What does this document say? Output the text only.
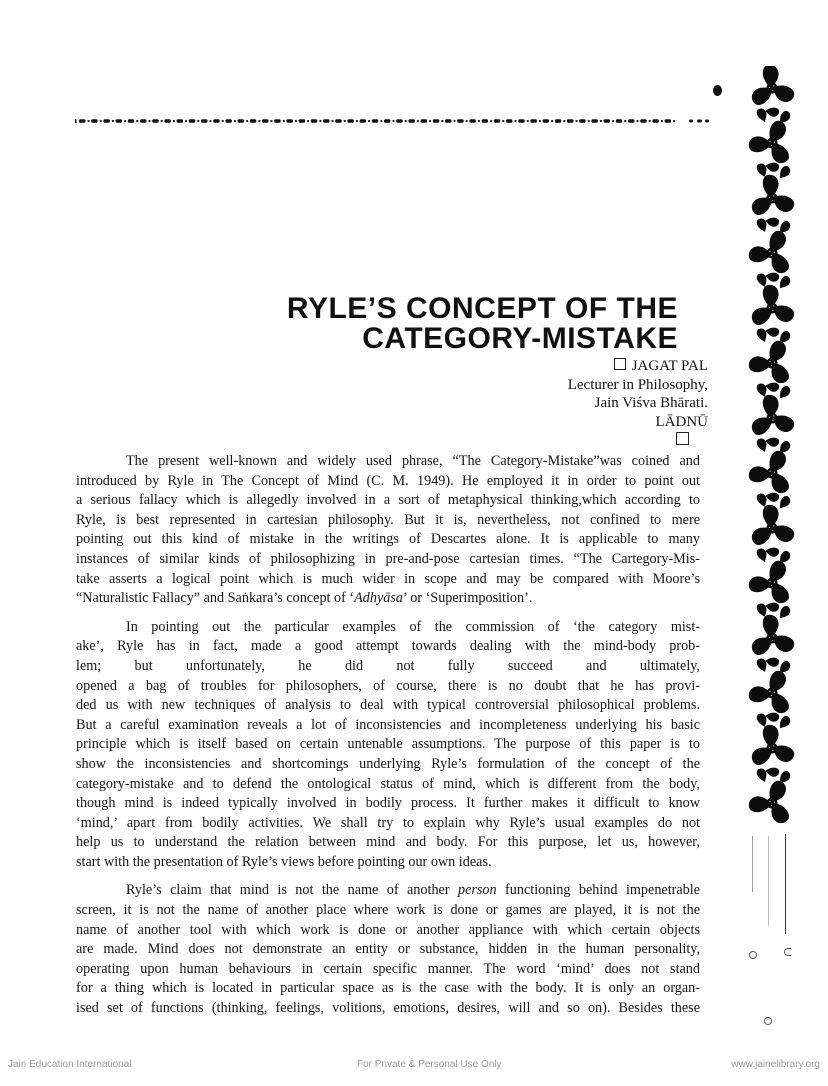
RYLE’S CONCEPT OF THE
CATEGORY-MISTAKE
JAGAT PAL
Lecturer in Philosophy,
Jain Viśva Bhārati.
LĀDNŪ

The present well-known and widely used phrase, “The Category-Mistake”was coined and
introduced by Ryle in The Concept of Mind (C. M. 1949). He employed it in order to point out
a serious fallacy which is allegedly involved in a sort of metaphysical thinking,which according to
Ryle, is best represented in cartesian philosophy. But it is, nevertheless, not confined to mere
pointing out this kind of mistake in the writings of Descartes alone. It is applicable to many
instances of similar kinds of philosophizing in pre-and-pose cartesian times. “The Cartegory-Mis-
take asserts a logical point which is much wider in scope and may be compared with Moore’s
“Naturalistic Fallacy” and Saṅkara’s concept of ‘Adhyāsa’ or ‘Superimposition’.

In pointing out the particular examples of the commission of ‘the category mist-
ake’, Ryle has in fact, made a good attempt towards dealing with the mind-body prob-
lem; but unfortunately, he did not fully succeed and ultimately,
opened a bag of troubles for philosophers, of course, there is no doubt that he has provi-
ded us with new techniques of analysis to deal with typical controversial philosophical problems.
But a careful examination reveals a lot of inconsistencies and incompleteness underlying his basic
principle which is itself based on certain untenable assumptions. The purpose of this paper is to
show the inconsistencies and shortcomings underlying Ryle’s formulation of the concept of the
category-mistake and to defend the ontological status of mind, which is different from the body,
though mind is indeed typically involved in bodily process. It further makes it difficult to know
‘mind,’ apart from bodily activities. We shall try to explain why Ryle’s usual examples do not
help us to understand the relation between mind and body. For this purpose, let us, however,
start with the presentation of Ryle’s views before pointing our own ideas.

Ryle’s claim that mind is not the name of another person functioning behind impenetrable
screen, it is not the name of another place where work is done or games are played, it is not the
name of another tool with which work is done or another appliance with which certain objects
are made. Mind does not demonstrate an entity or substance, hidden in the human personality,
operating upon human behaviours in certain specific manner. The word ‘mind’ does not stand
for a thing which is located in particular space as is the case with the body. It is only an organ-
ised set of functions (thinking, feelings, volitions, emotions, desires, will and so on). Besides these

Jain Education International	For Private & Personal Use Only	www.jainelibrary.org
